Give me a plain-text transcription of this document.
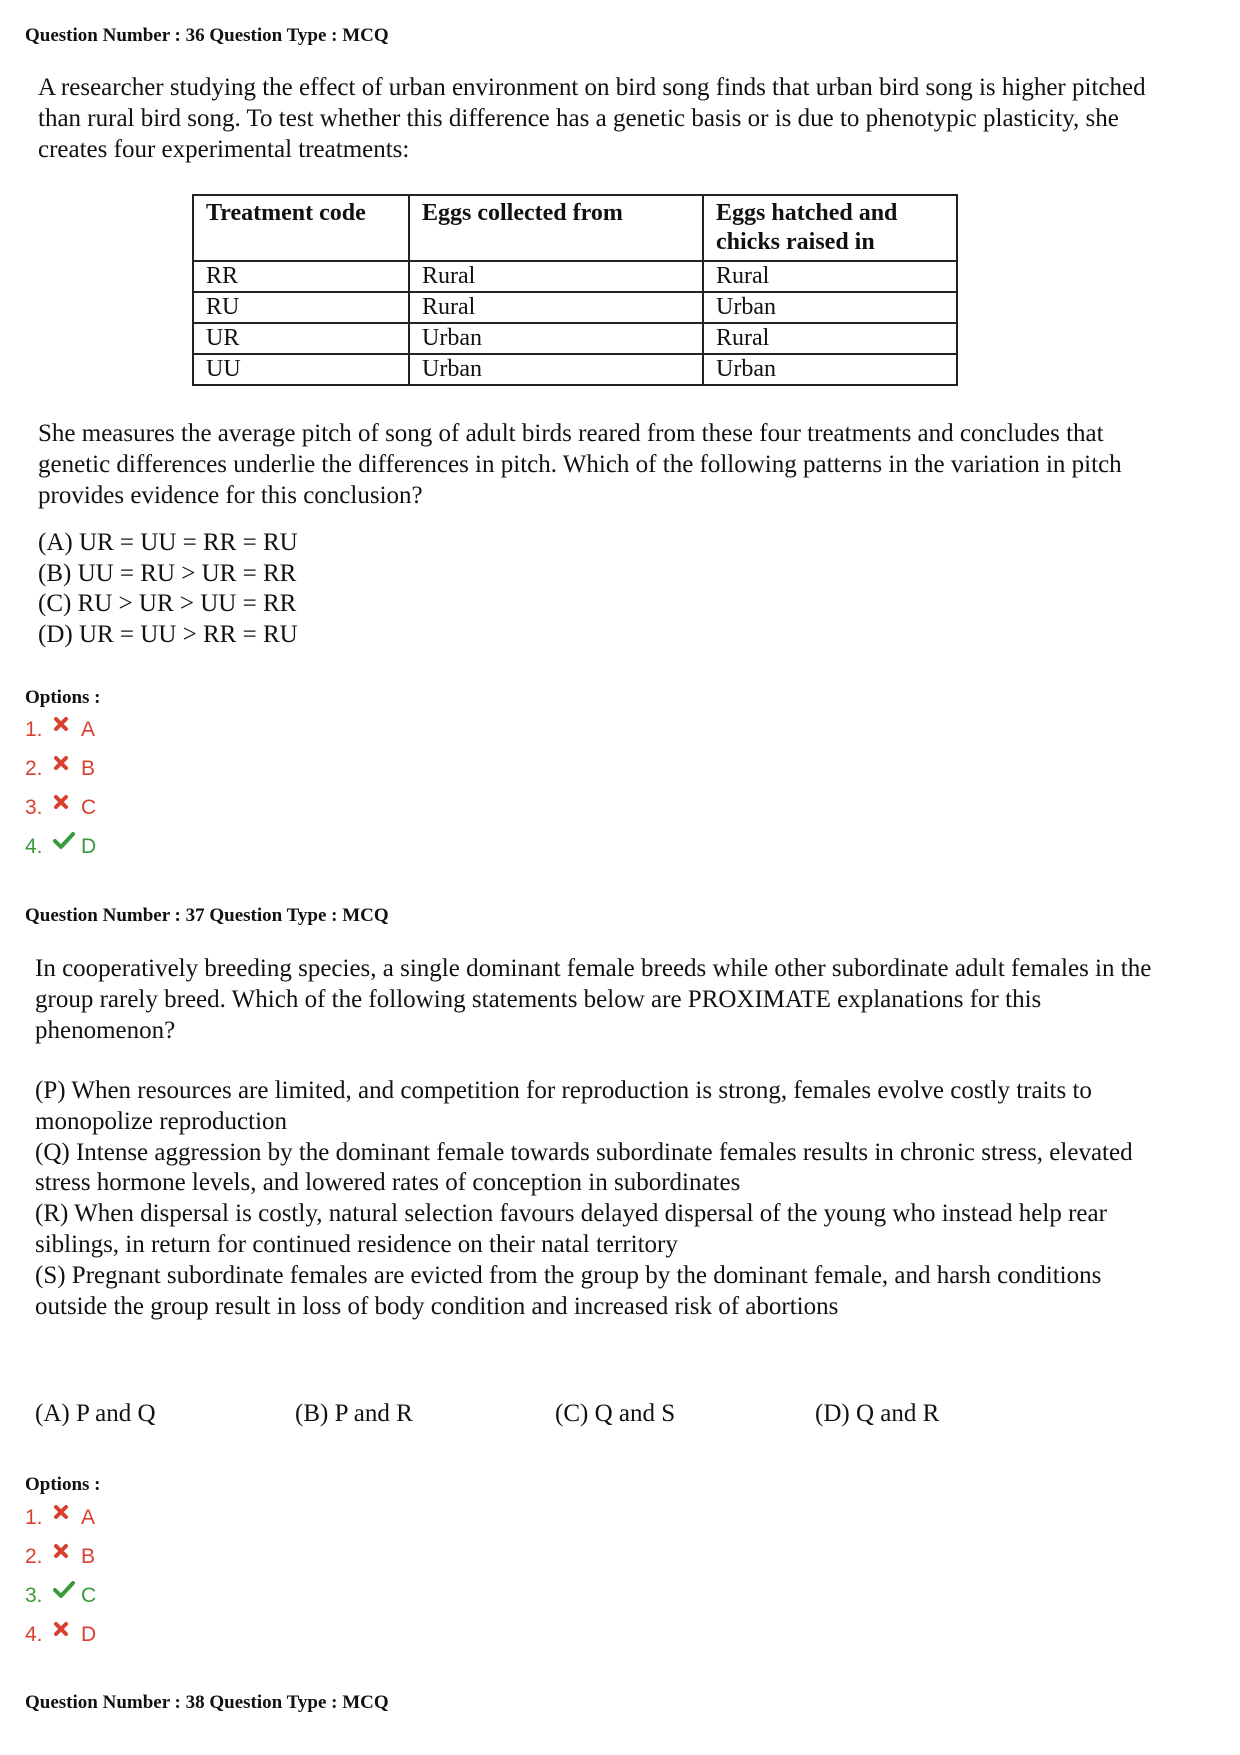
Question Number : 36 Question Type : MCQ

A researcher studying the effect of urban environment on bird song finds that urban bird song is higher pitched than rural bird song. To test whether this difference has a genetic basis or is due to phenotypic plasticity, she creates four experimental treatments:

Treatment code	Eggs collected from	Eggs hatched and chicks raised in
RR	Rural	Rural
RU	Rural	Urban
UR	Urban	Rural
UU	Urban	Urban

She measures the average pitch of song of adult birds reared from these four treatments and concludes that genetic differences underlie the differences in pitch. Which of the following patterns in the variation in pitch provides evidence for this conclusion?

(A) UR = UU = RR = RU
(B) UU = RU > UR = RR
(C) RU > UR > UU = RR
(D) UR = UU > RR = RU
Options :
1.	A
2.	B
3.	C
4.	D
Question Number : 37 Question Type : MCQ

In cooperatively breeding species, a single dominant female breeds while other subordinate adult females in the group rarely breed. Which of the following statements below are PROXIMATE explanations for this phenomenon?

(P) When resources are limited, and competition for reproduction is strong, females evolve costly traits to monopolize reproduction

(Q) Intense aggression by the dominant female towards subordinate females results in chronic stress, elevated stress hormone levels, and lowered rates of conception in subordinates

(R) When dispersal is costly, natural selection favours delayed dispersal of the young who instead help rear siblings, in return for continued residence on their natal territory

(S) Pregnant subordinate females are evicted from the group by the dominant female, and harsh conditions outside the group result in loss of body condition and increased risk of abortions

(A) P and Q	(B) P and R	(C) Q and S	(D) Q and R
Options :
1.	A
2.	B
3.	C
4.	D
Question Number : 38 Question Type : MCQ
